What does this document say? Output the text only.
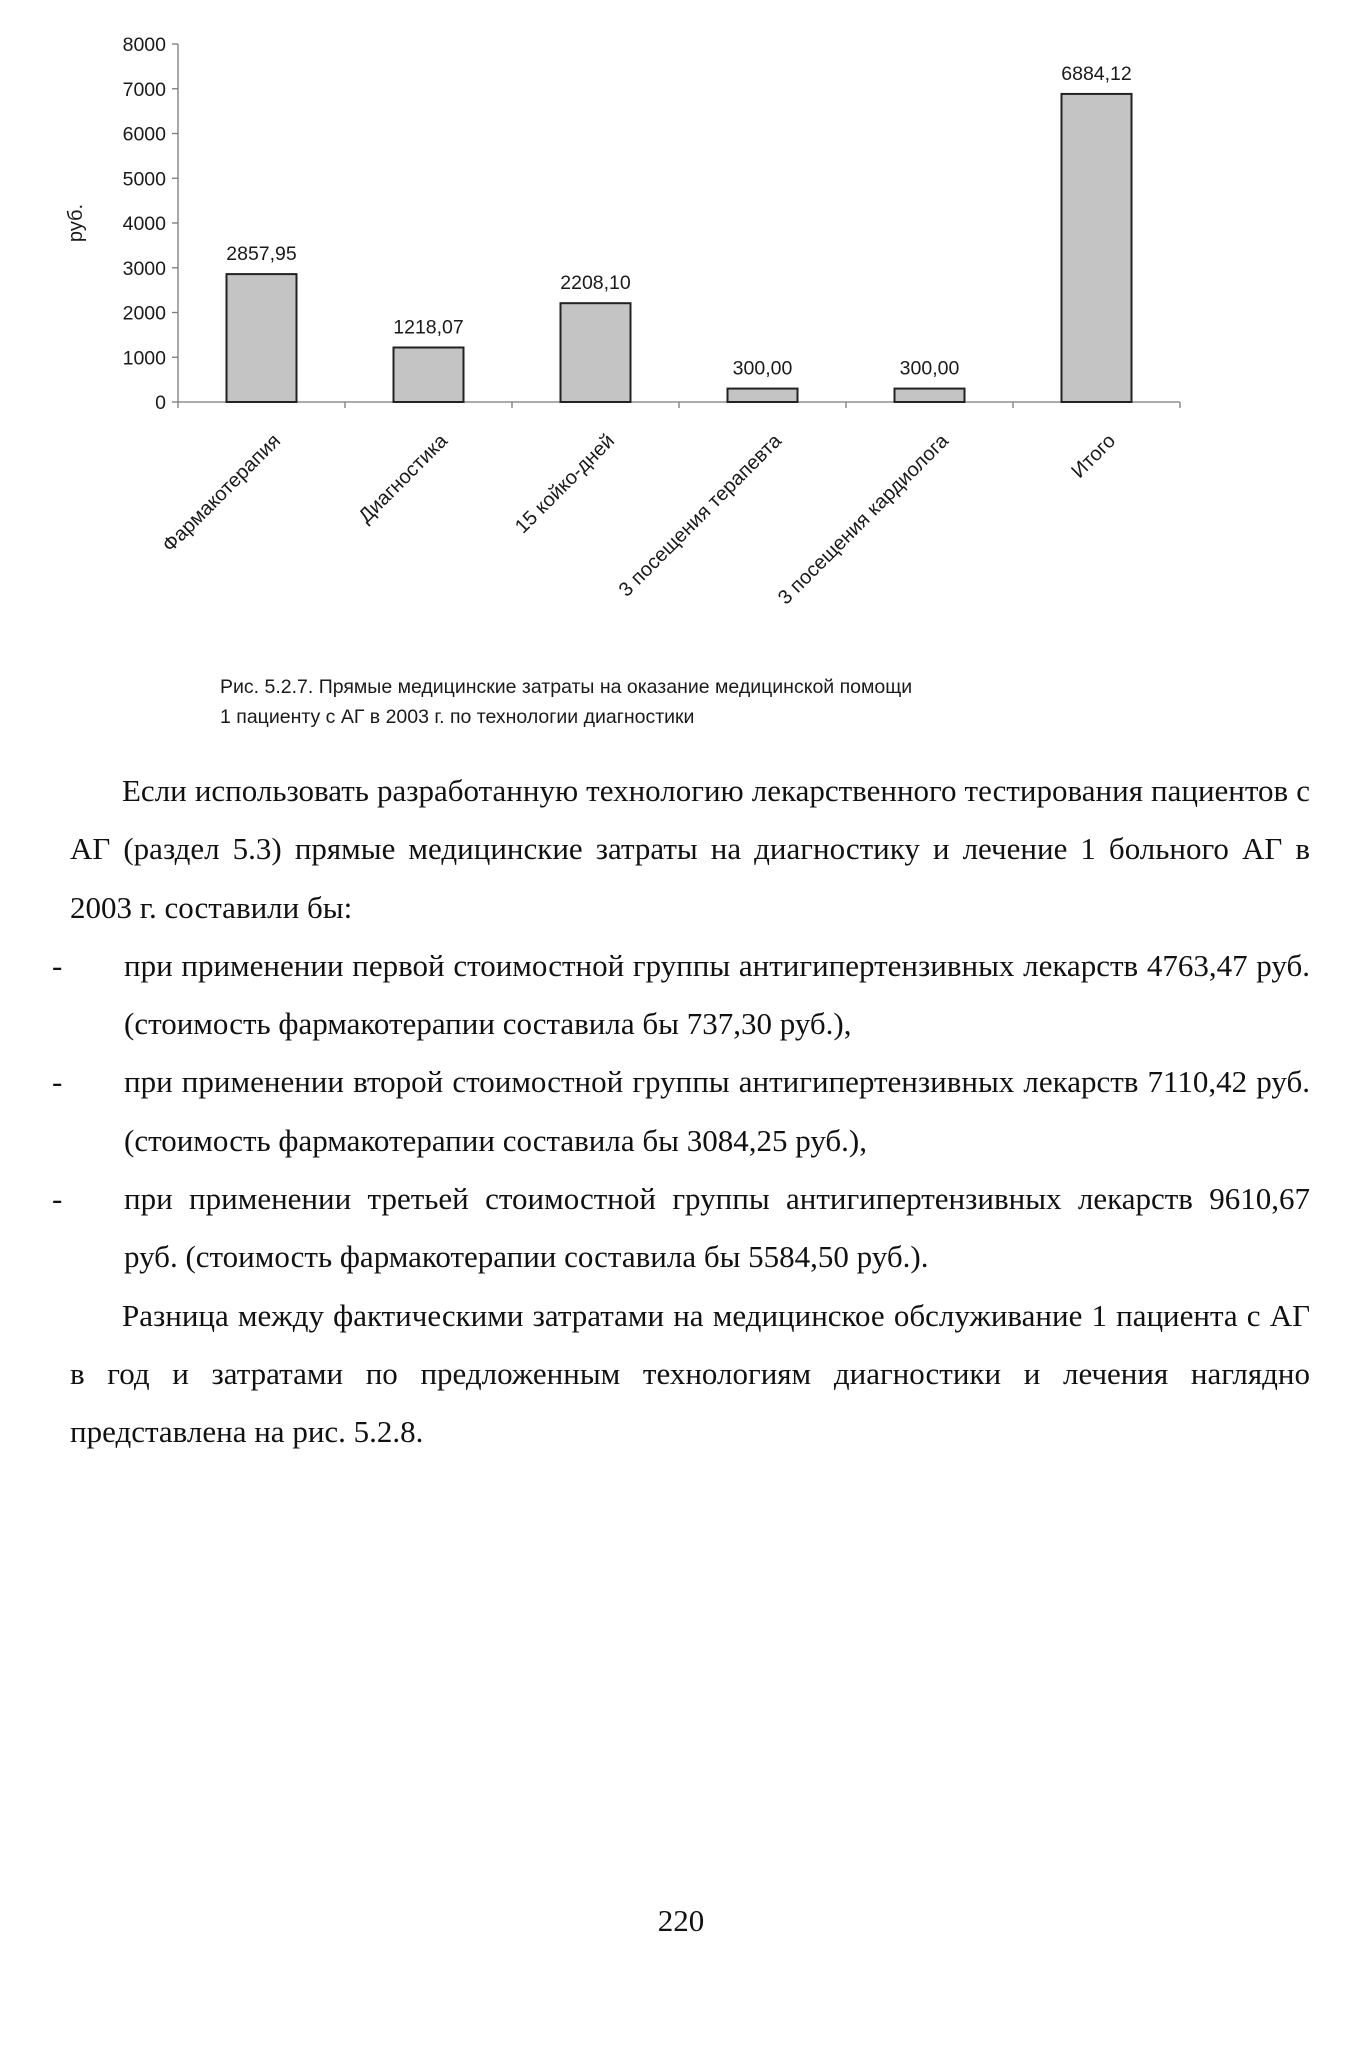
0
1000
2000
3000
4000
5000
6000
7000
8000
руб.
2857,95
Фармакотерапия
1218,07
Диагностика
2208,10
15 койко-дней
300,00
3 посещения терапевта
300,00
3 посещения кардиолога
6884,12
Итого
Рис. 5.2.7. Прямые медицинские затраты на оказание медицинской помощи
1 пациенту с АГ в 2003 г. по технологии диагностики

Если использовать разработанную технологию лекарственного тестирования пациентов с АГ (раздел 5.3) прямые медицинские затраты на диагностику и лечение 1 больного АГ в 2003 г. составили бы:

-	при применении первой стоимостной группы антигипертензивных лекарств 4763,47 руб. (стоимость фармакотерапии составила бы 737,30 руб.),

-	при применении второй стоимостной группы антигипертензивных лекарств 7110,42 руб. (стоимость фармакотерапии составила бы 3084,25 руб.),

-	при применении третьей стоимостной группы антигипертензивных лекарств 9610,67 руб. (стоимость фармакотерапии составила бы 5584,50 руб.).

Разница между фактическими затратами на медицинское обслуживание 1 пациента с АГ в год и затратами по предложенным технологиям диагностики и лечения наглядно представлена на рис. 5.2.8.

220
